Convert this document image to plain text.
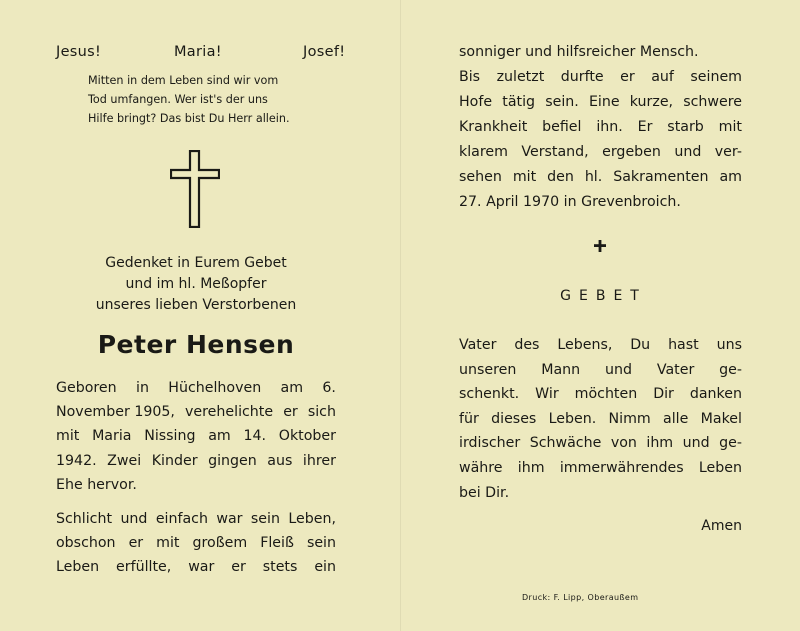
Jesus!	Maria!	Josef!
Mitten in dem Leben sind wir vom
Tod umfangen. Wer ist's der uns
Hilfe bringt? Das bist Du Herr allein.
Gedenket in Eurem Gebet
und im hl. Meßopfer
unseres lieben Verstorbenen
Peter Hensen
Geboren in Hüchelhoven am 6.
November 1905, verehelichte er sich
mit Maria Nissing am 14. Oktober
1942. Zwei Kinder gingen aus ihrer
Ehe hervor.
Schlicht und einfach war sein Leben,
obschon er mit großem Fleiß sein
Leben erfüllte, war er stets ein
sonniger und hilfsreicher Mensch.
Bis zuletzt durfte er auf seinem
Hofe tätig sein. Eine kurze, schwere
Krankheit befiel ihn. Er starb mit
klarem Verstand, ergeben und ver-
sehen mit den hl. Sakramenten am
27. April 1970 in Grevenbroich.
GEBET
Vater des Lebens, Du hast uns
unseren Mann und Vater ge-
schenkt. Wir möchten Dir danken
für dieses Leben. Nimm alle Makel
irdischer Schwäche von ihm und ge-
währe ihm immerwährendes Leben
bei Dir.
Amen
Druck: F. Lipp, Oberaußem
